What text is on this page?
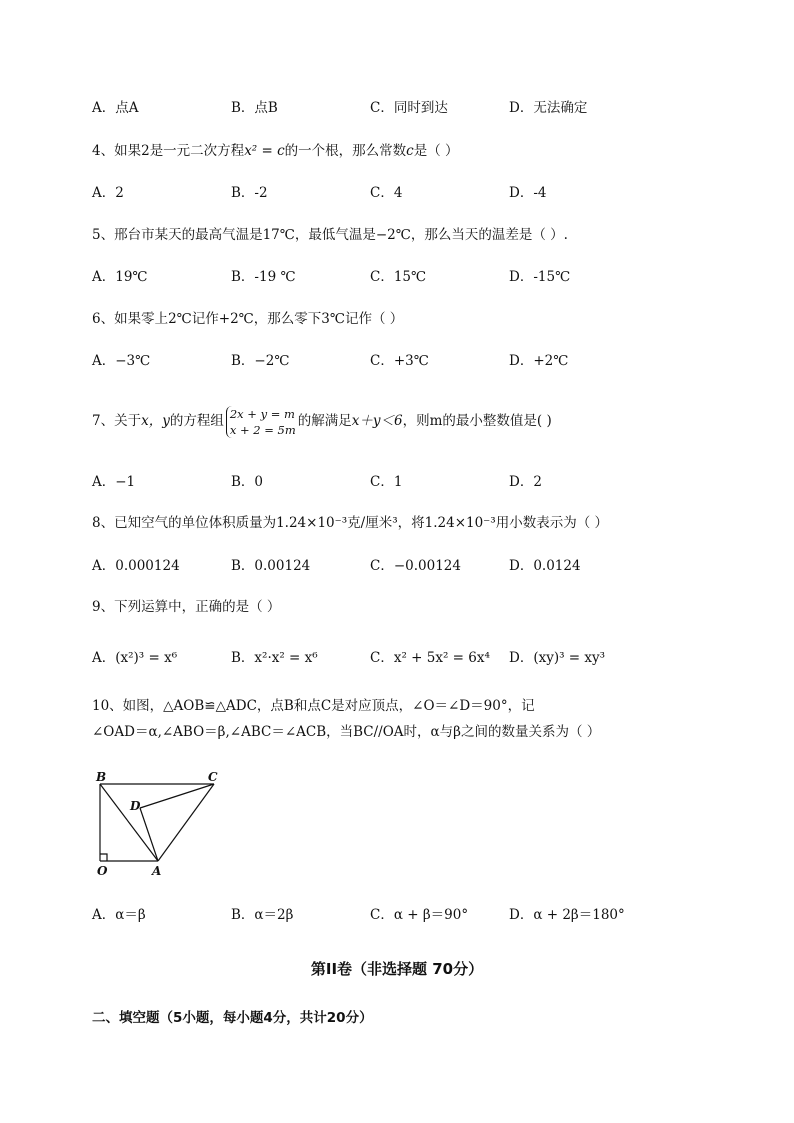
A．点A	B．点B	C．同时到达	D．无法确定
4、如果2是一元二次方程x² = c的一个根，那么常数c是（ ）
A．2	B．-2	C．4	D．-4
5、邢台市某天的最高气温是17℃，最低气温是−2℃，那么当天的温差是（ ）.
A．19℃	B．-19 ℃	C．15℃	D．-15℃
6、如果零上2℃记作+2℃，那么零下3℃记作（ ）
A．−3℃	B．−2℃	C．+3℃	D．+2℃
7、关于x，y的方程组 2x + y = m
x + 2 = 5m
的解满足x＋y＜6，则m的最小整数值是( )
A．−1	B．0	C．1	D．2
8、已知空气的单位体积质量为1.24×10⁻³克/厘米³，将1.24×10⁻³用小数表示为（ ）
A．0.000124	B．0.00124	C．−0.00124	D．0.0124
9、下列运算中，正确的是（ ）
A．(x²)³ = x⁶	B．x²·x² = x⁶	C．x² + 5x² = 6x⁴ D．(xy)³ = xy³
10、如图，△AOB≌△ADC，点B和点C是对应顶点，∠O＝∠D＝90°，记
∠OAD＝α,∠ABO＝β,∠ABC＝∠ACB，当BC//OA时，α与β之间的数量关系为（ ）
B	C
D
O	A
A．α＝β	B．α＝2β	C．α + β＝90°	D．α + 2β＝180°
第II卷（非选择题 70分）
二、填空题（5小题，每小题4分，共计20分）
